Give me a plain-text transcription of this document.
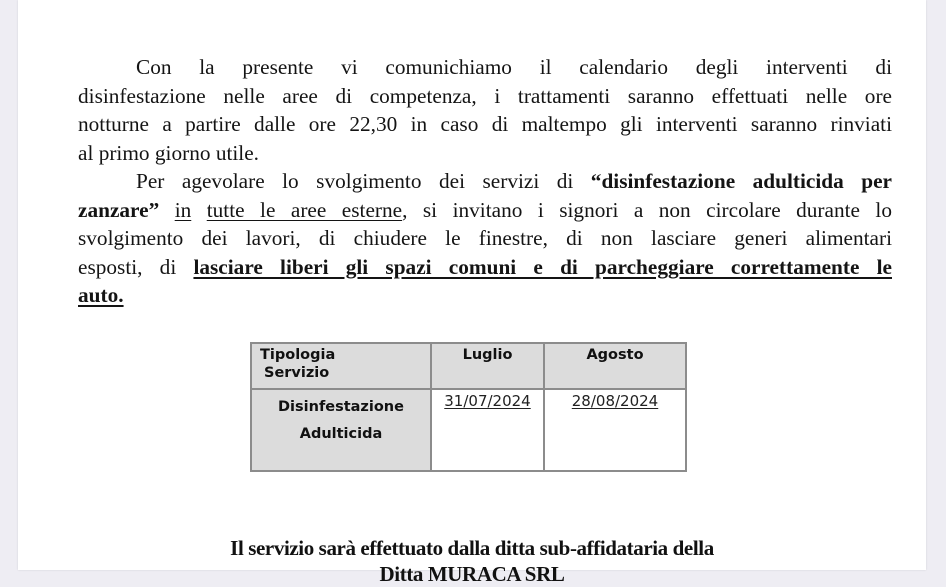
Con la presente vi comunichiamo il calendario degli interventi di
disinfestazione nelle aree di competenza, i trattamenti saranno effettuati nelle ore
notturne a partire dalle ore 22,30 in caso di maltempo gli interventi saranno rinviati
al primo giorno utile.
Per agevolare lo svolgimento dei servizi di “disinfestazione adulticida per
zanzare” in tutte le aree esterne, si invitano i signori a non circolare durante lo
svolgimento dei lavori, di chiudere le finestre, di non lasciare generi alimentari
esposti, di lasciare liberi gli spazi comuni e di parcheggiare correttamente le
auto.
Tipologia
Servizio	Luglio	Agosto

Disinfestazione
Adulticida	31/07/2024	28/08/2024
Il servizio sarà effettuato dalla ditta sub-affidataria della
Ditta MURACA SRL
